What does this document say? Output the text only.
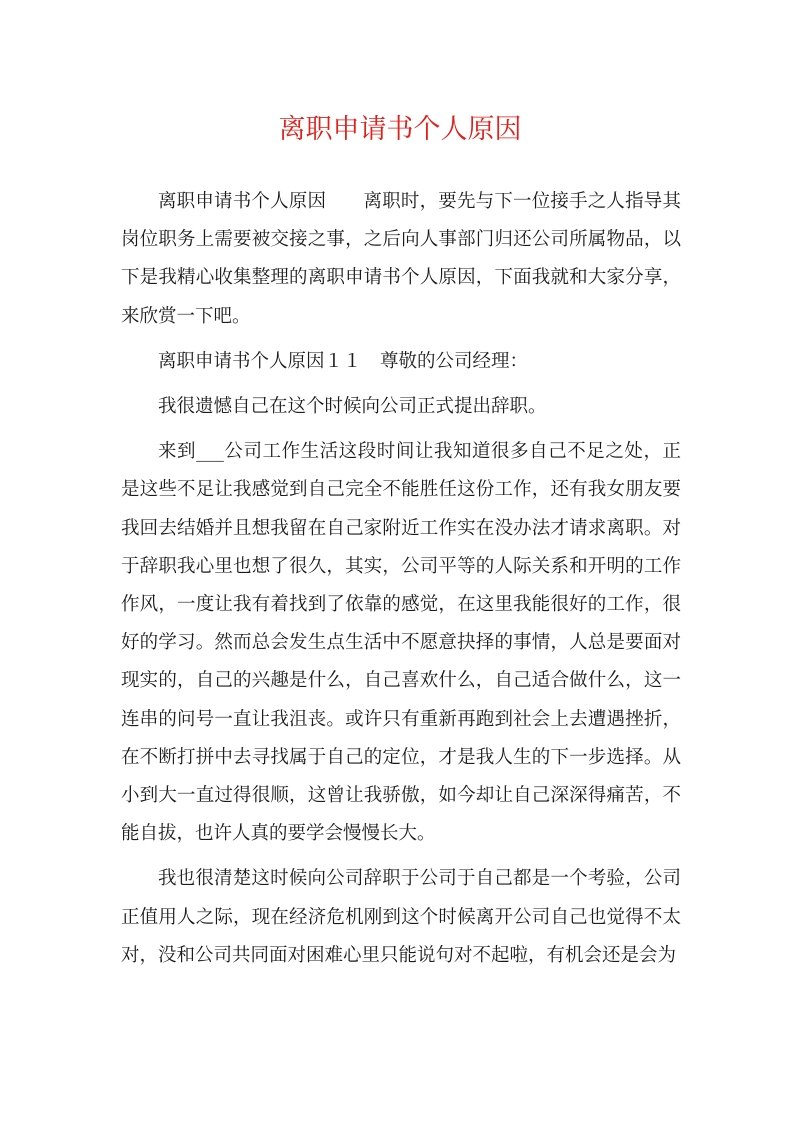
离职申请书个人原因

离职申请书个人原因　　离职时，要先与下一位接手之人指导其岗位职务上需要被交接之事，之后向人事部门归还公司所属物品，以下是我精心收集整理的离职申请书个人原因，下面我就和大家分享，来欣赏一下吧。

离职申请书个人原因１１　尊敬的公司经理：

我很遗憾自己在这个时候向公司正式提出辞职。

来到___公司工作生活这段时间让我知道很多自己不足之处，正是这些不足让我感觉到自己完全不能胜任这份工作，还有我女朋友要我回去结婚并且想我留在自己家附近工作实在没办法才请求离职。对于辞职我心里也想了很久，其实，公司平等的人际关系和开明的工作作风，一度让我有着找到了依靠的感觉，在这里我能很好的工作，很好的学习。然而总会发生点生活中不愿意抉择的事情，人总是要面对现实的，自己的兴趣是什么，自己喜欢什么，自己适合做什么，这一连串的问号一直让我沮丧。或许只有重新再跑到社会上去遭遇挫折，在不断打拼中去寻找属于自己的定位，才是我人生的下一步选择。从小到大一直过得很顺，这曾让我骄傲，如今却让自己深深得痛苦，不能自拔，也许人真的要学会慢慢长大。

我也很清楚这时候向公司辞职于公司于自己都是一个考验，公司正值用人之际，现在经济危机刚到这个时候离开公司自己也觉得不太对，没和公司共同面对困难心里只能说句对不起啦，有机会还是会为
